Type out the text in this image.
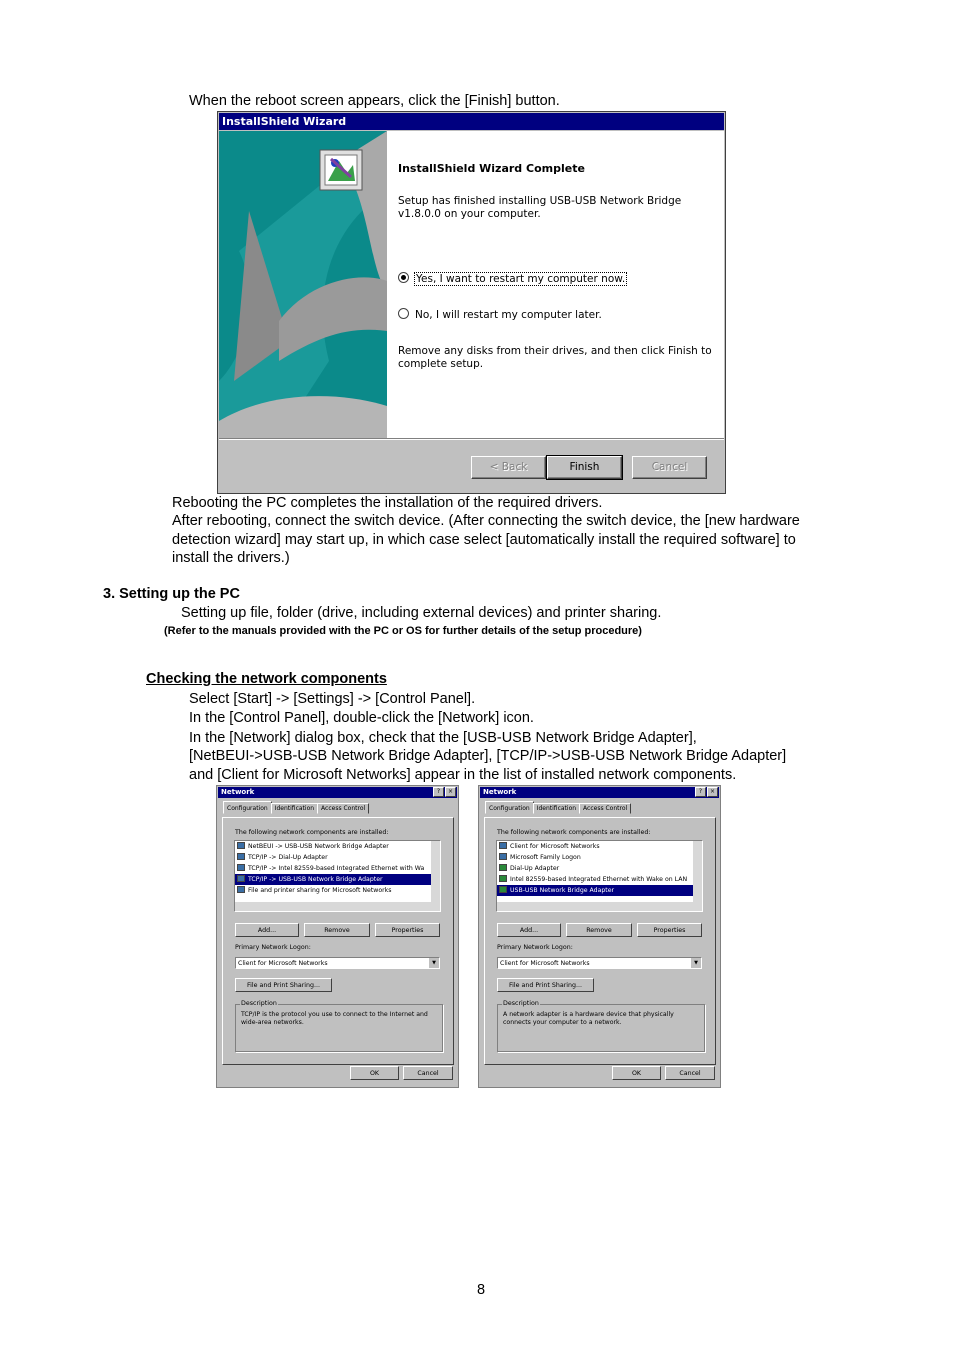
When the reboot screen appears, click the [Finish] button.
InstallShield Wizard
InstallShield Wizard Complete
Setup has finished installing USB-USB Network Bridge
v1.8.0.0 on your computer.
Yes, I want to restart my computer now.
No, I will restart my computer later.
Remove any disks from their drives, and then click Finish to
complete setup.
< Back	Finish	Cancel
Rebooting the PC completes the installation of the required drivers.
After rebooting, connect the switch device. (After connecting the switch device, the [new hardware
detection wizard] may start up, in which case select [automatically install the required software] to
install the drivers.)
3. Setting up the PC
Setting up file, folder (drive, including external devices) and printer sharing.
(Refer to the manuals provided with the PC or OS for further details of the setup procedure)
Checking the network components
Select [Start] -> [Settings] -> [Control Panel].
In the [Control Panel], double-click the [Network] icon.
In the [Network] dialog box, check that the [USB-USB Network Bridge Adapter],
[NetBEUI->USB-USB Network Bridge Adapter], [TCP/IP->USB-USB Network Bridge Adapter]
and [Client for Microsoft Networks] appear in the list of installed network components.
Network	? ×
Configuration Identification Access Control
The following network components are installed:
NetBEUI -> USB-USB Network Bridge Adapter
TCP/IP -> Dial-Up Adapter
TCP/IP -> Intel 82559-based Integrated Ethernet with Wa
TCP/IP -> USB-USB Network Bridge Adapter
File and printer sharing for Microsoft Networks
Add...	Remove	Properties
Primary Network Logon:
Client for Microsoft Networks	▼
File and Print Sharing...
Description
TCP/IP is the protocol you use to connect to the Internet and wide-area networks.
OK	Cancel
Network	? ×
Configuration Identification Access Control
The following network components are installed:
Client for Microsoft Networks
Microsoft Family Logon
Dial-Up Adapter
Intel 82559-based Integrated Ethernet with Wake on LAN
USB-USB Network Bridge Adapter
Add...	Remove	Properties
Primary Network Logon:
Client for Microsoft Networks	▼
File and Print Sharing...
Description
A network adapter is a hardware device that physically connects your computer to a network.
OK	Cancel
8
